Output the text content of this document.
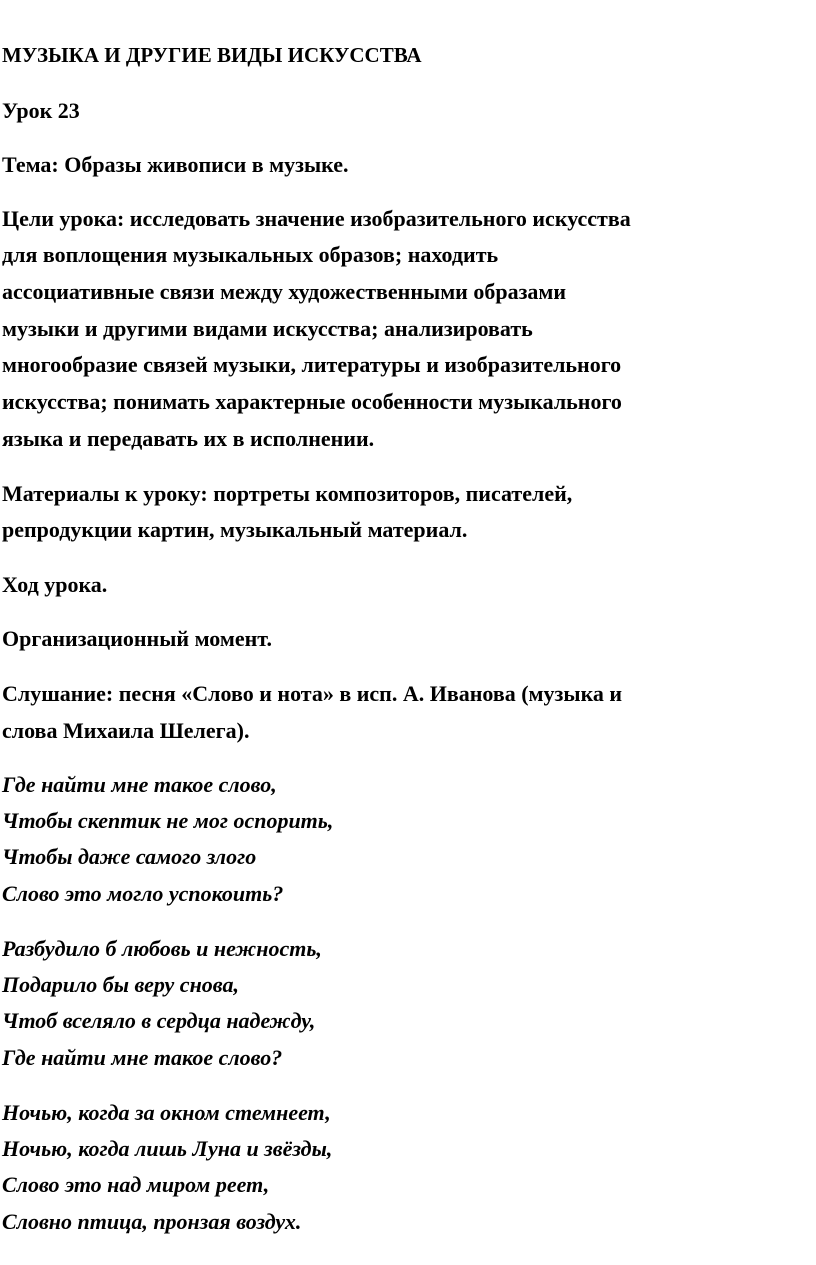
МУЗЫКА И ДРУГИЕ ВИДЫ ИСКУССТВА
Урок 23
Тема: Образы живописи в музыке.
Цели урока: исследовать значение изобразительного искусства
для воплощения музыкальных образов; находить
ассоциативные связи между художественными образами
музыки и другими видами искусства; анализировать
многообразие связей музыки, литературы и изобразительного
искусства; понимать характерные особенности музыкального
языка и передавать их в исполнении.
Материалы к уроку: портреты композиторов, писателей,
репродукции картин, музыкальный материал.
Ход урока.
Организационный момент.
Слушание: песня «Слово и нота» в исп. А. Иванова (музыка и
слова Михаила Шелега).
Где найти мне такое слово,
Чтобы скептик не мог оспорить,
Чтобы даже самого злого
Слово это могло успокоить?
Разбудило б любовь и нежность,
Подарило бы веру снова,
Чтоб вселяло в сердца надежду,
Где найти мне такое слово?
Ночью, когда за окном стемнеет,
Ночью, когда лишь Луна и звёзды,
Слово это над миром реет,
Словно птица, пронзая воздух.
